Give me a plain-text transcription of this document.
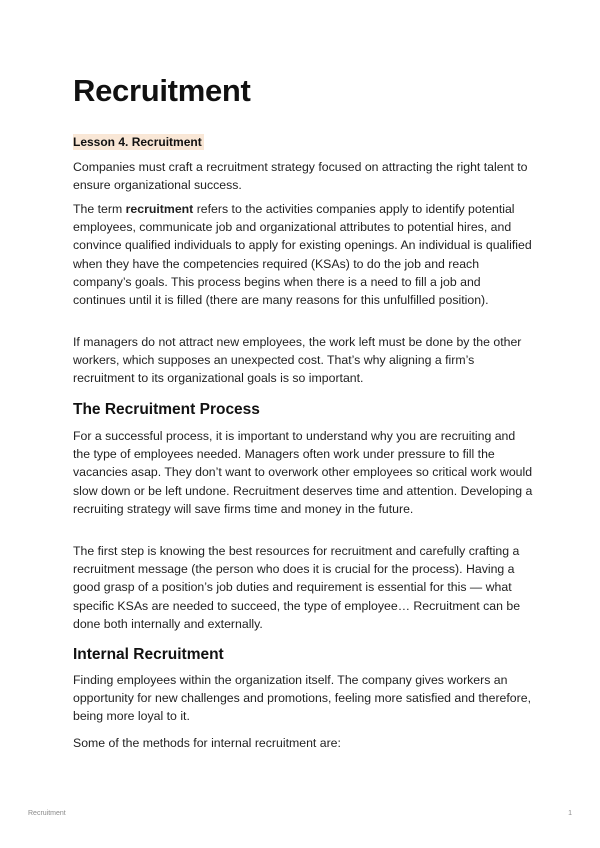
Recruitment
Lesson 4. Recruitment

Companies must craft a recruitment strategy focused on attracting the right talent to ensure organizational success.

The term recruitment refers to the activities companies apply to identify potential employees, communicate job and organizational attributes to potential hires, and convince qualified individuals to apply for existing openings. An individual is qualified when they have the competencies required (KSAs) to do the job and reach company’s goals. This process begins when there is a need to fill a job and continues until it is filled (there are many reasons for this unfulfilled position).

If managers do not attract new employees, the work left must be done by the other workers, which supposes an unexpected cost. That’s why aligning a firm’s recruitment to its organizational goals is so important.

The Recruitment Process

For a successful process, it is important to understand why you are recruiting and the type of employees needed. Managers often work under pressure to fill the vacancies asap. They don’t want to overwork other employees so critical work would slow down or be left undone. Recruitment deserves time and attention. Developing a recruiting strategy will save firms time and money in the future.

The first step is knowing the best resources for recruitment and carefully crafting a recruitment message (the person who does it is crucial for the process). Having a good grasp of a position’s job duties and requirement is essential for this — what specific KSAs are needed to succeed, the type of employee… Recruitment can be done both internally and externally.

Internal Recruitment

Finding employees within the organization itself. The company gives workers an opportunity for new challenges and promotions, feeling more satisfied and therefore, being more loyal to it.

Some of the methods for internal recruitment are:

Recruitment	1
